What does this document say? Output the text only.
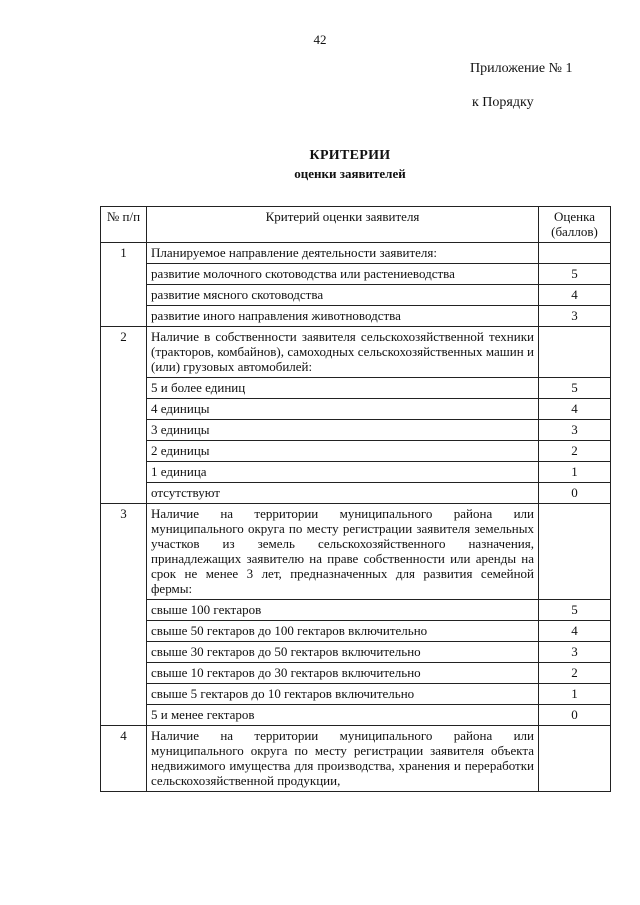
42
Приложение № 1
к Порядку
КРИТЕРИИ
оценки заявителей
№ п/п	Критерий оценки заявителя	Оценка (баллов)
1	Планируемое направление деятельности заявителя:	
	развитие молочного скотоводства или растениеводства	5
	развитие мясного скотоводства	4
	развитие иного направления животноводства	3
2	Наличие в собственности заявителя сельскохозяйственной техники (тракторов, комбайнов), самоходных сельскохозяйственных машин и (или) грузовых автомобилей:	
	5 и более единиц	5
	4 единицы	4
	3 единицы	3
	2 единицы	2
	1 единица	1
	отсутствуют	0
3	Наличие на территории муниципального района или муниципального округа по месту регистрации заявителя земельных участков из земель сельскохозяйственного назначения, принадлежащих заявителю на праве собственности или аренды на срок не менее 3 лет, предназначенных для развития семейной фермы:	
	свыше 100 гектаров	5
	свыше 50 гектаров до 100 гектаров включительно	4
	свыше 30 гектаров до 50 гектаров включительно	3
	свыше 10 гектаров до 30 гектаров включительно	2
	свыше 5 гектаров до 10 гектаров включительно	1
	5 и менее гектаров	0
4	Наличие на территории муниципального района или муниципального округа по месту регистрации заявителя объекта недвижимого имущества для производства, хранения и переработки сельскохозяйственной продукции,	
